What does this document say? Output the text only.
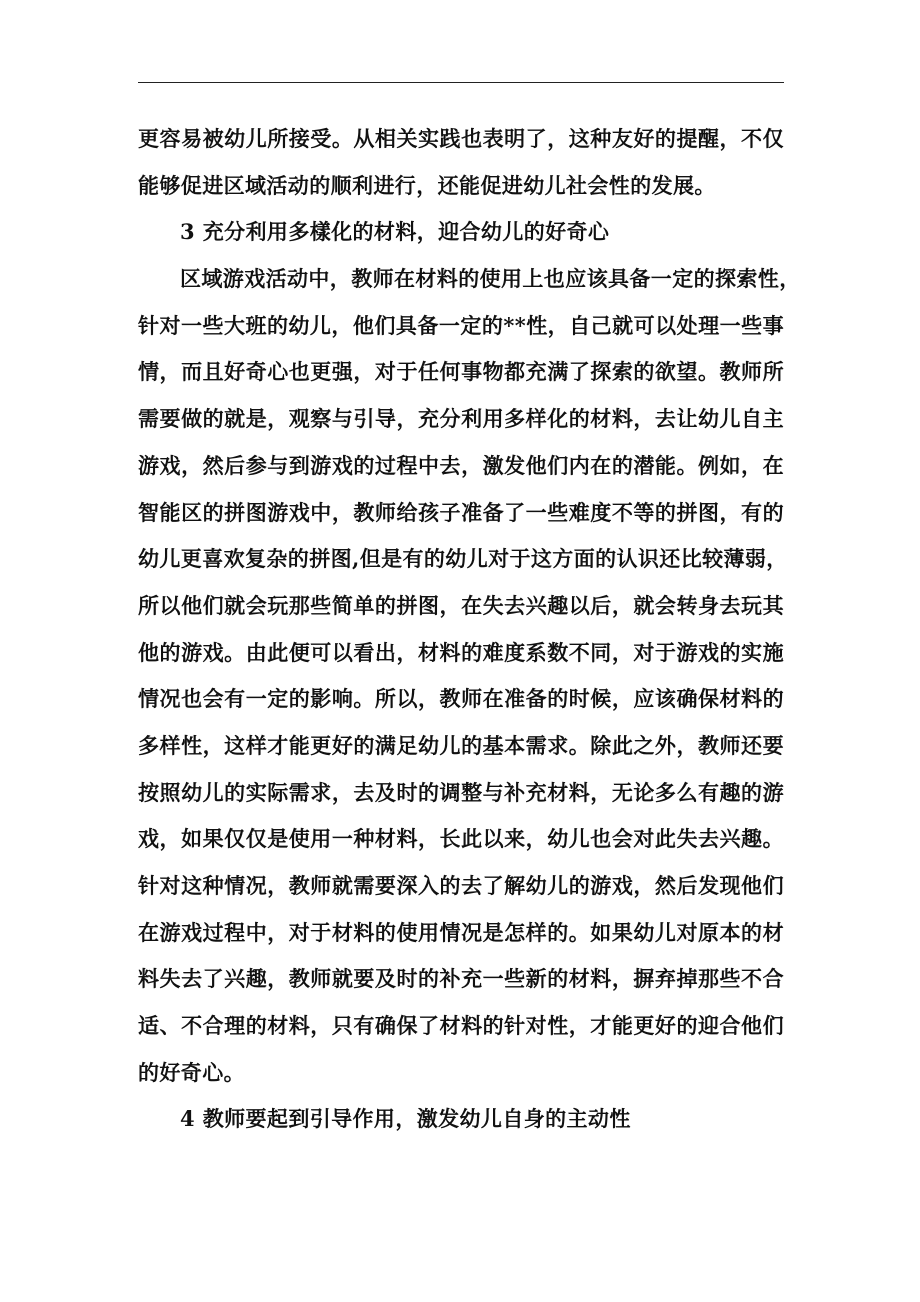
更容易被幼儿所接受。从相关实践也表明了，这种友好的提醒，不仅
能够促进区域活动的顺利进行，还能促进幼儿社会性的发展。
3 充分利用多樣化的材料，迎合幼儿的好奇心
区域游戏活动中，教师在材料的使用上也应该具备一定的探索性，
针对一些大班的幼儿，他们具备一定的**性，自己就可以处理一些事
情，而且好奇心也更强，对于任何事物都充满了探索的欲望。教师所
需要做的就是，观察与引导，充分利用多样化的材料，去让幼儿自主
游戏，然后参与到游戏的过程中去，激发他们内在的潜能。例如，在
智能区的拼图游戏中，教师给孩子准备了一些难度不等的拼图，有的
幼儿更喜欢复杂的拼图,但是有的幼儿对于这方面的认识还比较薄弱，
所以他们就会玩那些简单的拼图，在失去兴趣以后，就会转身去玩其
他的游戏。由此便可以看出，材料的难度系数不同，对于游戏的实施
情况也会有一定的影响。所以，教师在准备的时候，应该确保材料的
多样性，这样才能更好的满足幼儿的基本需求。除此之外，教师还要
按照幼儿的实际需求，去及时的调整与补充材料，无论多么有趣的游
戏，如果仅仅是使用一种材料，长此以来，幼儿也会对此失去兴趣。
针对这种情况，教师就需要深入的去了解幼儿的游戏，然后发现他们
在游戏过程中，对于材料的使用情况是怎样的。如果幼儿对原本的材
料失去了兴趣，教师就要及时的补充一些新的材料，摒弃掉那些不合
适、不合理的材料，只有确保了材料的针对性，才能更好的迎合他们
的好奇心。
4 教师要起到引导作用，激发幼儿自身的主动性
